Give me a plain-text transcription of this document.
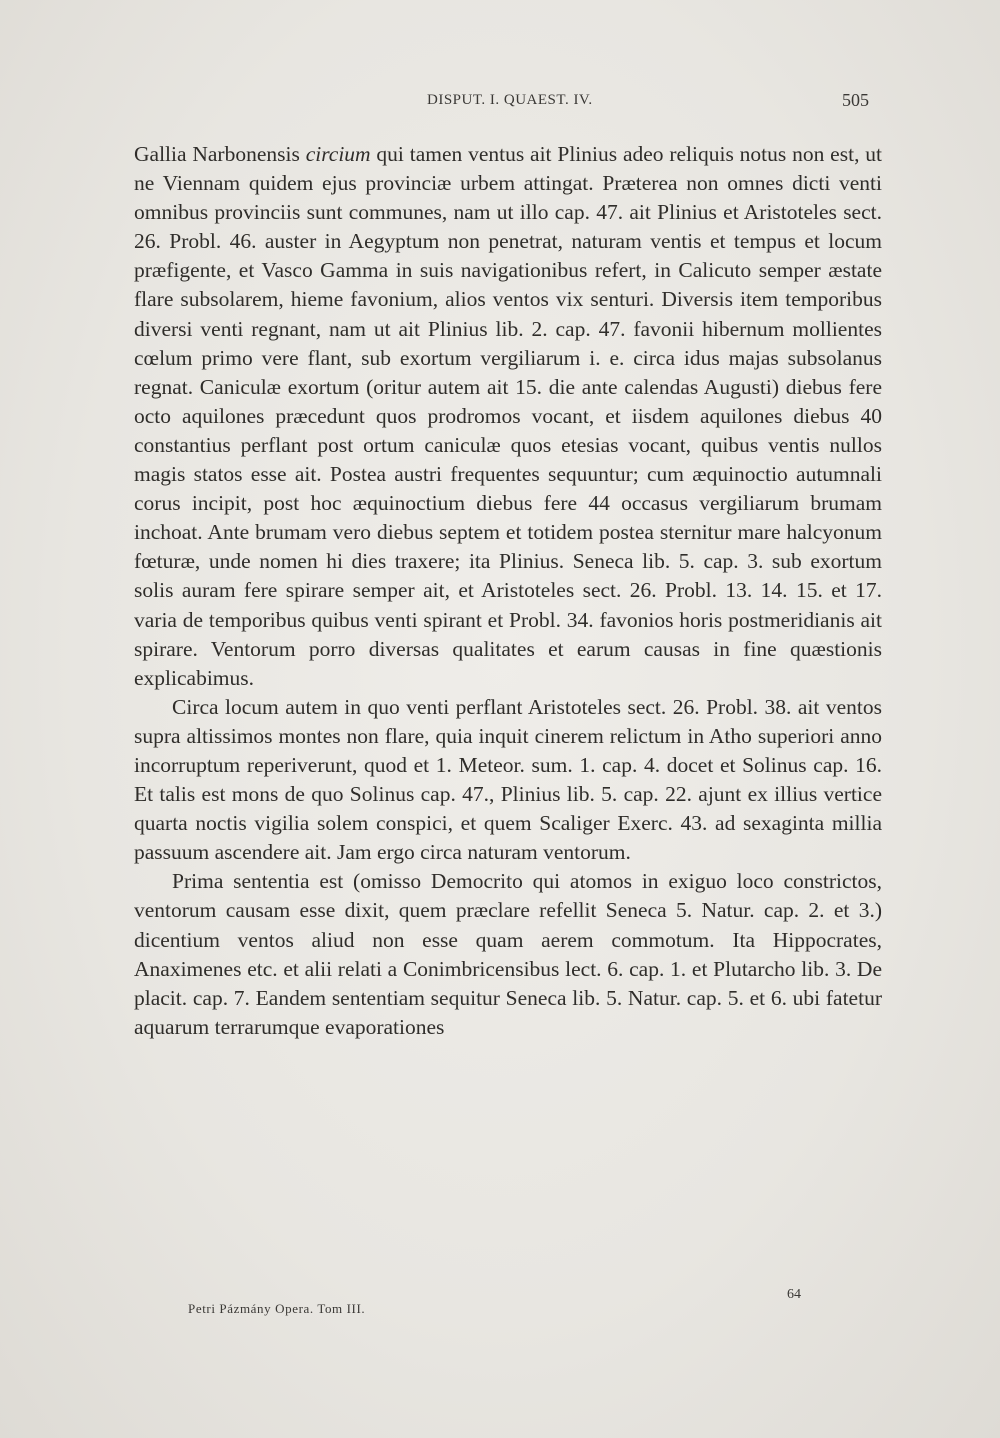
DISPUT. I. QUAEST. IV.	505

Gallia Narbonensis circium qui tamen ventus ait Plinius adeo reliquis notus non est, ut ne Viennam quidem ejus provinciæ urbem attingat. Præterea non omnes dicti venti omnibus provinciis sunt communes, nam ut illo cap. 47. ait Plinius et Aristoteles sect. 26. Probl. 46. auster in Aegyptum non penetrat, naturam ventis et tempus et locum præfigente, et Vasco Gamma in suis navigationibus refert, in Calicuto semper æstate flare subsolarem, hieme favonium, alios ventos vix senturi. Diversis item temporibus diversi venti regnant, nam ut ait Plinius lib. 2. cap. 47. favonii hibernum mollientes cœlum primo vere flant, sub exortum vergiliarum i. e. circa idus majas subsolanus regnat. Caniculæ exortum (oritur autem ait 15. die ante calendas Augusti) diebus fere octo aquilones præcedunt quos prodromos vocant, et iisdem aquilones diebus 40 constantius perflant post ortum caniculæ quos etesias vocant, quibus ventis nullos magis statos esse ait. Postea austri frequentes sequuntur; cum æquinoctio autumnali corus incipit, post hoc æquinoctium diebus fere 44 occasus vergiliarum brumam inchoat. Ante brumam vero diebus septem et totidem postea sternitur mare halcyonum fœturæ, unde nomen hi dies traxere; ita Plinius. Seneca lib. 5. cap. 3. sub exortum solis auram fere spirare semper ait, et Aristoteles sect. 26. Probl. 13. 14. 15. et 17. varia de temporibus quibus venti spirant et Probl. 34. favonios horis postmeridianis ait spirare. Ventorum porro diversas qualitates et earum causas in fine quæstionis explicabimus.

Circa locum autem in quo venti perflant Aristoteles sect. 26. Probl. 38. ait ventos supra altissimos montes non flare, quia inquit cinerem relictum in Atho superiori anno incorruptum reperiverunt, quod et 1. Meteor. sum. 1. cap. 4. docet et Solinus cap. 16. Et talis est mons de quo Solinus cap. 47., Plinius lib. 5. cap. 22. ajunt ex illius vertice quarta noctis vigilia solem conspici, et quem Scaliger Exerc. 43. ad sexaginta millia passuum ascendere ait. Jam ergo circa naturam ventorum.

Prima sententia est (omisso Democrito qui atomos in exiguo loco constrictos, ventorum causam esse dixit, quem præclare refellit Seneca 5. Natur. cap. 2. et 3.) dicentium ventos aliud non esse quam aerem commotum. Ita Hippocrates, Anaximenes etc. et alii relati a Conimbricensibus lect. 6. cap. 1. et Plutarcho lib. 3. De placit. cap. 7. Eandem sententiam sequitur Seneca lib. 5. Natur. cap. 5. et 6. ubi fatetur aquarum terrarumque evaporationes

Petri Pázmány Opera. Tom III.
64
